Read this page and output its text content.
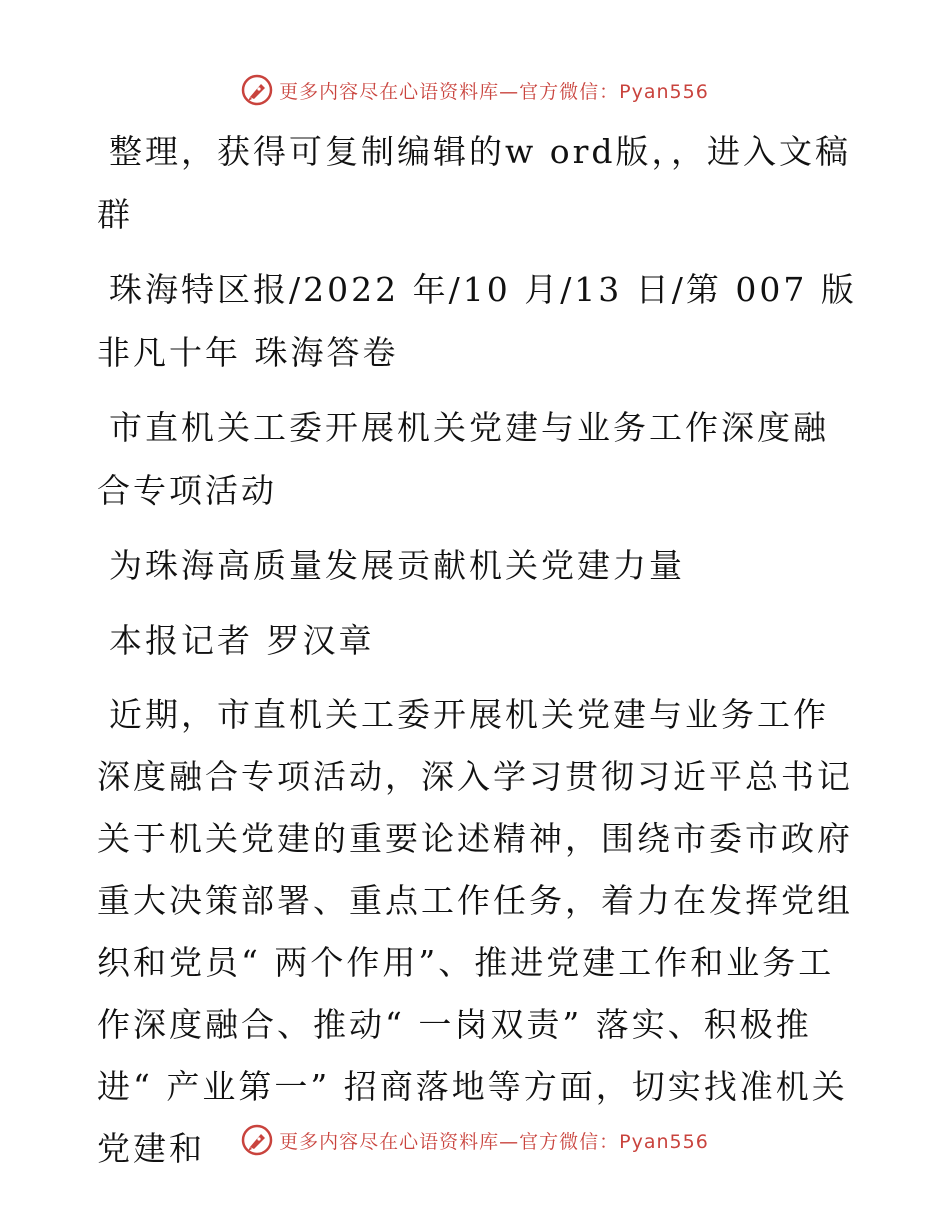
更多内容尽在心语资料库—官方微信：Pyan556

整理，获得可复制编辑的w ord版，，进入文稿群

珠海特区报/2022 年/10 月/13 日/第 007 版非凡十年 珠海答卷

市直机关工委开展机关党建与业务工作深度融合专项活动

为珠海高质量发展贡献机关党建力量

本报记者 罗汉章

近期，市直机关工委开展机关党建与业务工作深度融合专项活动，深入学习贯彻习近平总书记关于机关党建的重要论述精神，围绕市委市政府重大决策部署、重点工作任务，着力在发挥党组织和党员“ 两个作用”、推进党建工作和业务工作深度融合、推动“ 一岗双责” 落实、积极推进“ 产业第一” 招商落地等方面，切实找准机关党建和	更多内容尽在心语资料库—官方微信：Pyan556
